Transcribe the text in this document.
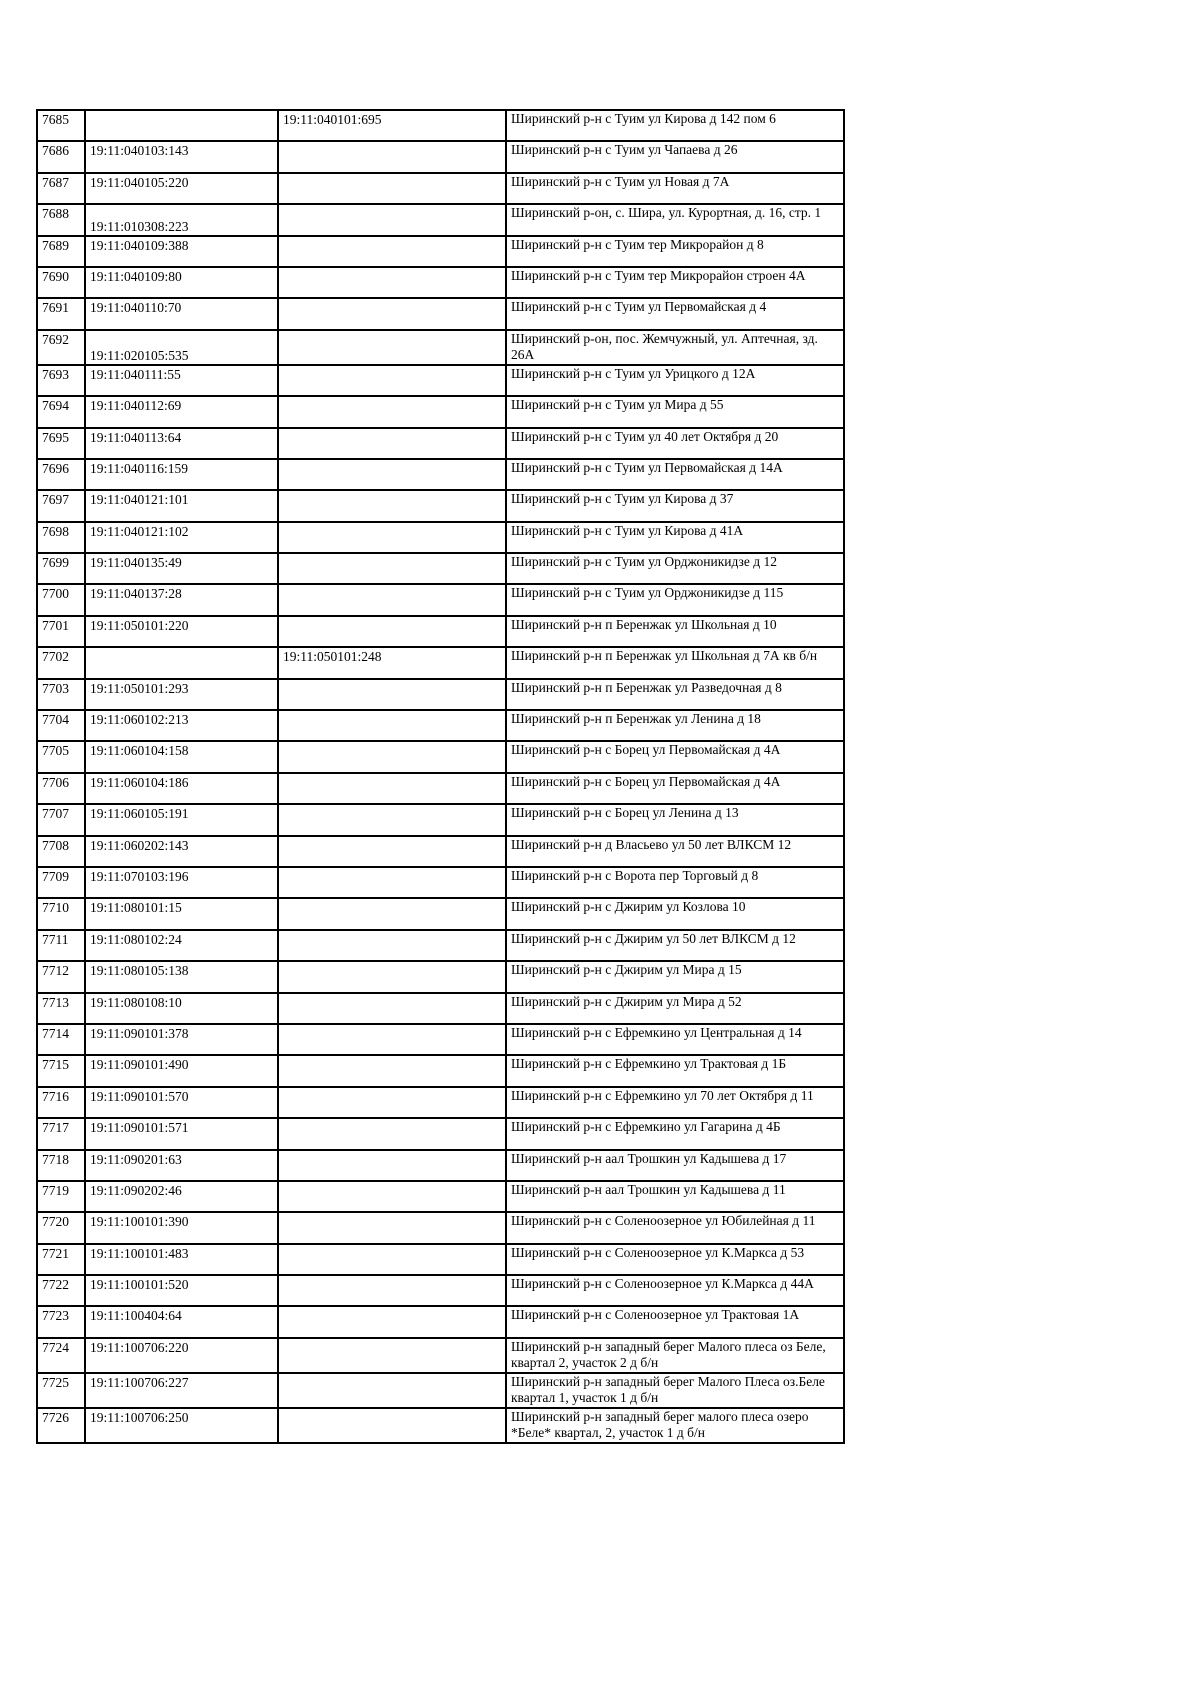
7685		19:11:040101:695	Ширинский р-н с Туим ул Кирова д 142 пом 6
7686	19:11:040103:143		Ширинский р-н с Туим ул Чапаева д 26
7687	19:11:040105:220		Ширинский р-н с Туим ул Новая д 7А
7688	19:11:010308:223		Ширинский р-он, с. Шира, ул. Курортная, д. 16, стр. 1
7689	19:11:040109:388		Ширинский р-н с Туим тер Микрорайон д 8
7690	19:11:040109:80		Ширинский р-н с Туим тер Микрорайон строен 4А
7691	19:11:040110:70		Ширинский р-н с Туим ул Первомайская д 4
7692	19:11:020105:535		Ширинский р-он, пос. Жемчужный, ул. Аптечная, зд. 26А
7693	19:11:040111:55		Ширинский р-н с Туим ул Урицкого д 12А
7694	19:11:040112:69		Ширинский р-н с Туим ул Мира д 55
7695	19:11:040113:64		Ширинский р-н с Туим ул 40 лет Октября д 20
7696	19:11:040116:159		Ширинский р-н с Туим ул Первомайская д 14А
7697	19:11:040121:101		Ширинский р-н с Туим ул Кирова д 37
7698	19:11:040121:102		Ширинский р-н с Туим ул Кирова д 41А
7699	19:11:040135:49		Ширинский р-н с Туим ул Орджоникидзе д 12
7700	19:11:040137:28		Ширинский р-н с Туим ул Орджоникидзе д 115
7701	19:11:050101:220		Ширинский р-н п Беренжак ул Школьная д 10
7702		19:11:050101:248	Ширинский р-н п Беренжак ул Школьная д 7А кв б/н
7703	19:11:050101:293		Ширинский р-н п Беренжак ул Разведочная д 8
7704	19:11:060102:213		Ширинский р-н п Беренжак ул Ленина д 18
7705	19:11:060104:158		Ширинский р-н с Борец ул Первомайская д 4А
7706	19:11:060104:186		Ширинский р-н с Борец ул Первомайская д 4А
7707	19:11:060105:191		Ширинский р-н с Борец ул Ленина д 13
7708	19:11:060202:143		Ширинский р-н д Власьево ул 50 лет ВЛКСМ 12
7709	19:11:070103:196		Ширинский р-н с Ворота пер Торговый д 8
7710	19:11:080101:15		Ширинский р-н с Джирим ул Козлова 10
7711	19:11:080102:24		Ширинский р-н с Джирим ул 50 лет ВЛКСМ д 12
7712	19:11:080105:138		Ширинский р-н с Джирим ул Мира д 15
7713	19:11:080108:10		Ширинский р-н с Джирим ул Мира д 52
7714	19:11:090101:378		Ширинский р-н с Ефремкино ул Центральная д 14
7715	19:11:090101:490		Ширинский р-н с Ефремкино ул Трактовая д 1Б
7716	19:11:090101:570		Ширинский р-н с Ефремкино ул 70 лет Октября д 11
7717	19:11:090101:571		Ширинский р-н с Ефремкино ул Гагарина д 4Б
7718	19:11:090201:63		Ширинский р-н аал Трошкин ул Кадышева д 17
7719	19:11:090202:46		Ширинский р-н аал Трошкин ул Кадышева д 11
7720	19:11:100101:390		Ширинский р-н с Соленоозерное ул Юбилейная д 11
7721	19:11:100101:483		Ширинский р-н с Соленоозерное ул К.Маркса д 53
7722	19:11:100101:520		Ширинский р-н с Соленоозерное ул К.Маркса д 44А
7723	19:11:100404:64		Ширинский р-н с Соленоозерное ул Трактовая 1А
7724	19:11:100706:220		Ширинский р-н западный берег Малого плеса оз Беле, квартал 2, участок 2 д б/н
7725	19:11:100706:227		Ширинский р-н западный берег Малого Плеса оз.Беле квартал 1, участок 1 д б/н
7726	19:11:100706:250		Ширинский р-н западный берег малого плеса озеро *Беле* квартал, 2, участок 1 д б/н
